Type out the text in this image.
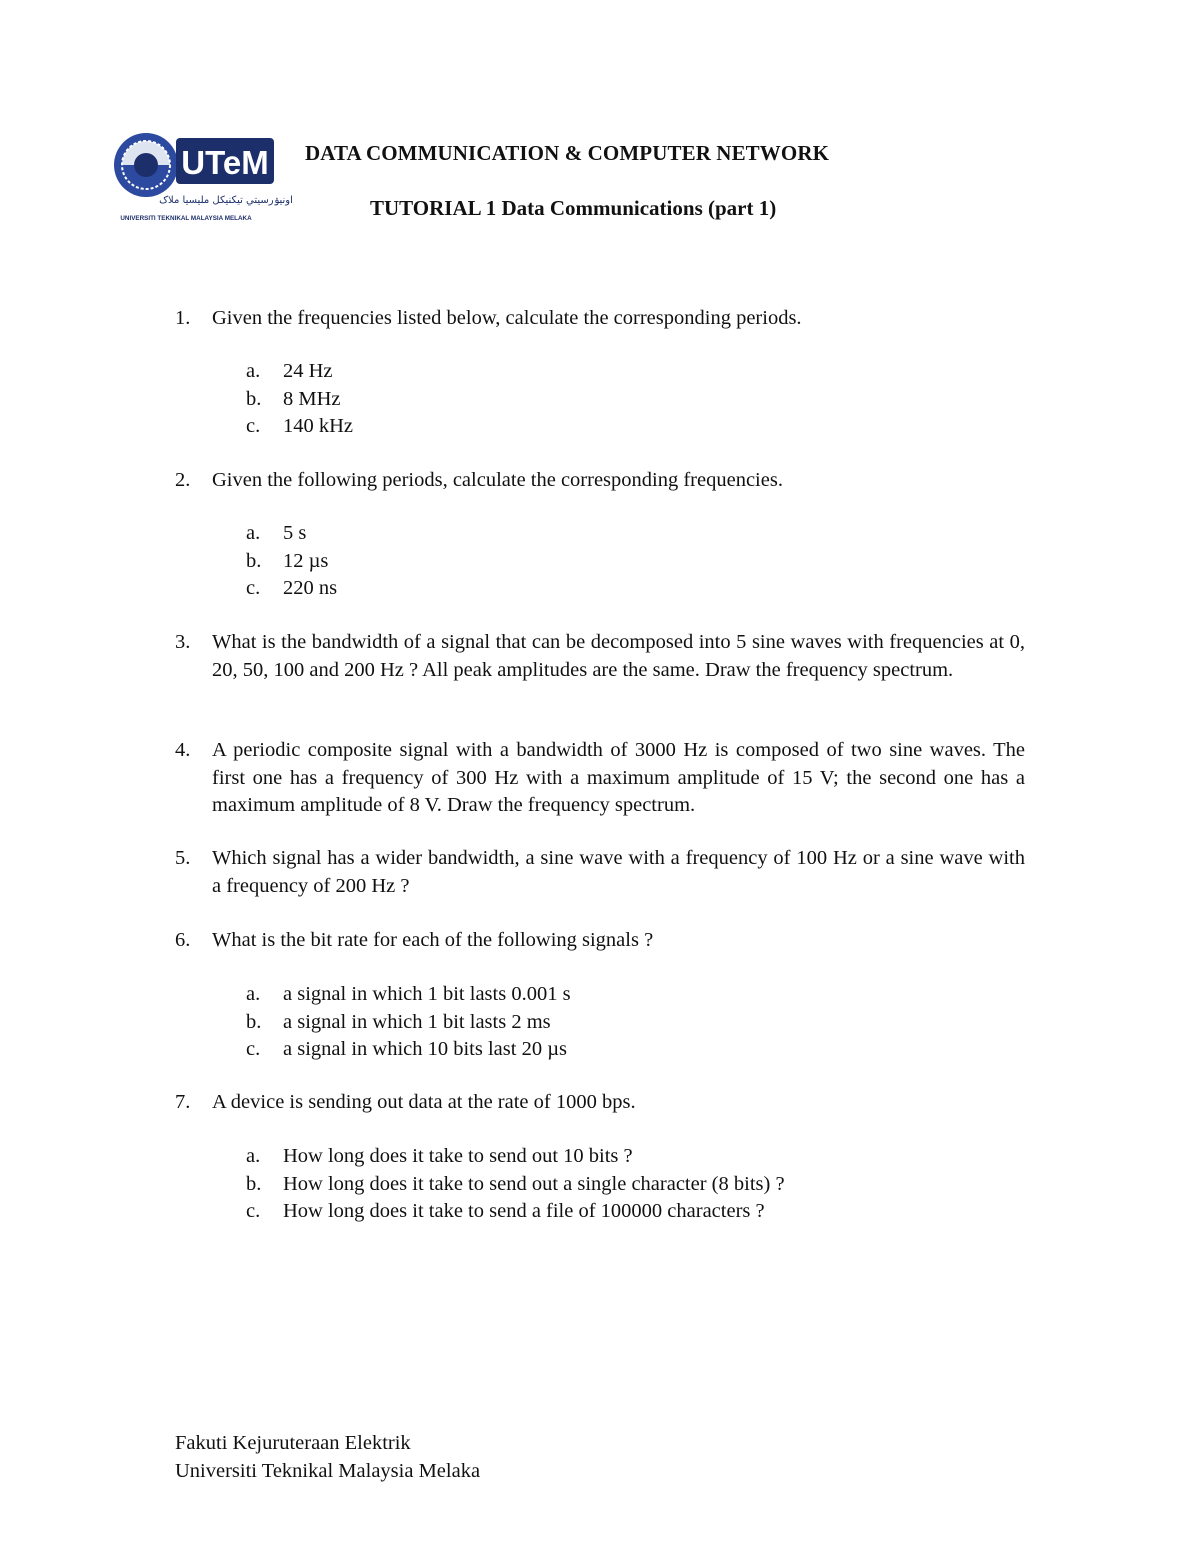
UTeM
اونيۏرسيتي تيكنيكل مليسيا ملاک
UNIVERSITI TEKNIKAL MALAYSIA MELAKA
DATA COMMUNICATION & COMPUTER NETWORK
TUTORIAL 1 Data Communications (part 1)
1. Given the frequencies listed below, calculate the corresponding periods.
a. 24 Hz
b. 8 MHz
c. 140 kHz
2. Given the following periods, calculate the corresponding frequencies.
a. 5 s
b. 12 µs
c. 220 ns
3. What is the bandwidth of a signal that can be decomposed into 5 sine waves with frequencies at 0, 20, 50, 100 and 200 Hz ? All peak amplitudes are the same. Draw the frequency spectrum.
4. A periodic composite signal with a bandwidth of 3000 Hz is composed of two sine waves. The first one has a frequency of 300 Hz with a maximum amplitude of 15 V; the second one has a maximum amplitude of 8 V. Draw the frequency spectrum.
5. Which signal has a wider bandwidth, a sine wave with a frequency of 100 Hz or a sine wave with a frequency of 200 Hz ?
6. What is the bit rate for each of the following signals ?
a. a signal in which 1 bit lasts 0.001 s
b. a signal in which 1 bit lasts 2 ms
c. a signal in which 10 bits last 20 µs
7. A device is sending out data at the rate of 1000 bps.
a. How long does it take to send out 10 bits ?
b. How long does it take to send out a single character (8 bits) ?
c. How long does it take to send a file of 100000 characters ?
Fakuti Kejuruteraan Elektrik
Universiti Teknikal Malaysia Melaka
